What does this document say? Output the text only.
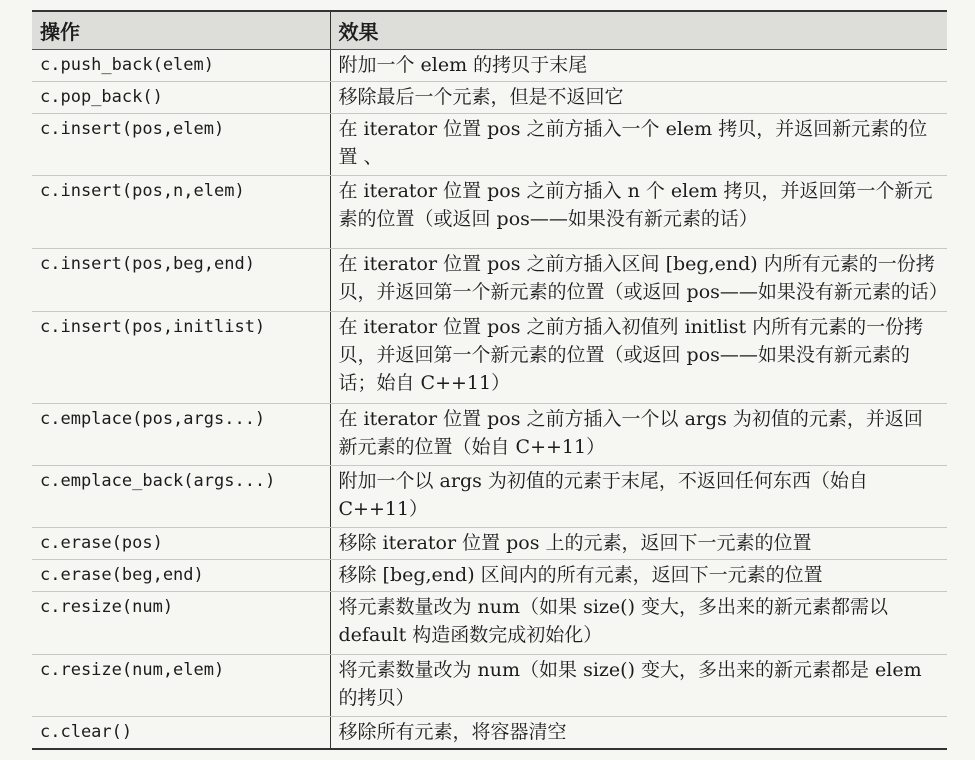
操作	效果
c.push_back(elem)	附加一个 elem 的拷贝于末尾
c.pop_back()	移除最后一个元素，但是不返回它
c.insert(pos,elem)	在 iterator 位置 pos 之前方插入一个 elem 拷贝，并返回新元素的位置 、
c.insert(pos,n,elem)	在 iterator 位置 pos 之前方插入 n 个 elem 拷贝，并返回第一个新元素的位置（或返回 pos——如果没有新元素的话）
c.insert(pos,beg,end)	在 iterator 位置 pos 之前方插入区间 [beg,end) 内所有元素的一份拷贝，并返回第一个新元素的位置（或返回 pos——如果没有新元素的话）
c.insert(pos,initlist)	在 iterator 位置 pos 之前方插入初值列 initlist 内所有元素的一份拷贝，并返回第一个新元素的位置（或返回 pos——如果没有新元素的话；始自 C++11）
c.emplace(pos,args...)	在 iterator 位置 pos 之前方插入一个以 args 为初值的元素，并返回新元素的位置（始自 C++11）
c.emplace_back(args...)	附加一个以 args 为初值的元素于末尾，不返回任何东西（始自 C++11）
c.erase(pos)	移除 iterator 位置 pos 上的元素，返回下一元素的位置
c.erase(beg,end)	移除 [beg,end) 区间内的所有元素，返回下一元素的位置
c.resize(num)	将元素数量改为 num（如果 size() 变大，多出来的新元素都需以 default 构造函数完成初始化）
c.resize(num,elem)	将元素数量改为 num（如果 size() 变大，多出来的新元素都是 elem 的拷贝）
c.clear()	移除所有元素，将容器清空
